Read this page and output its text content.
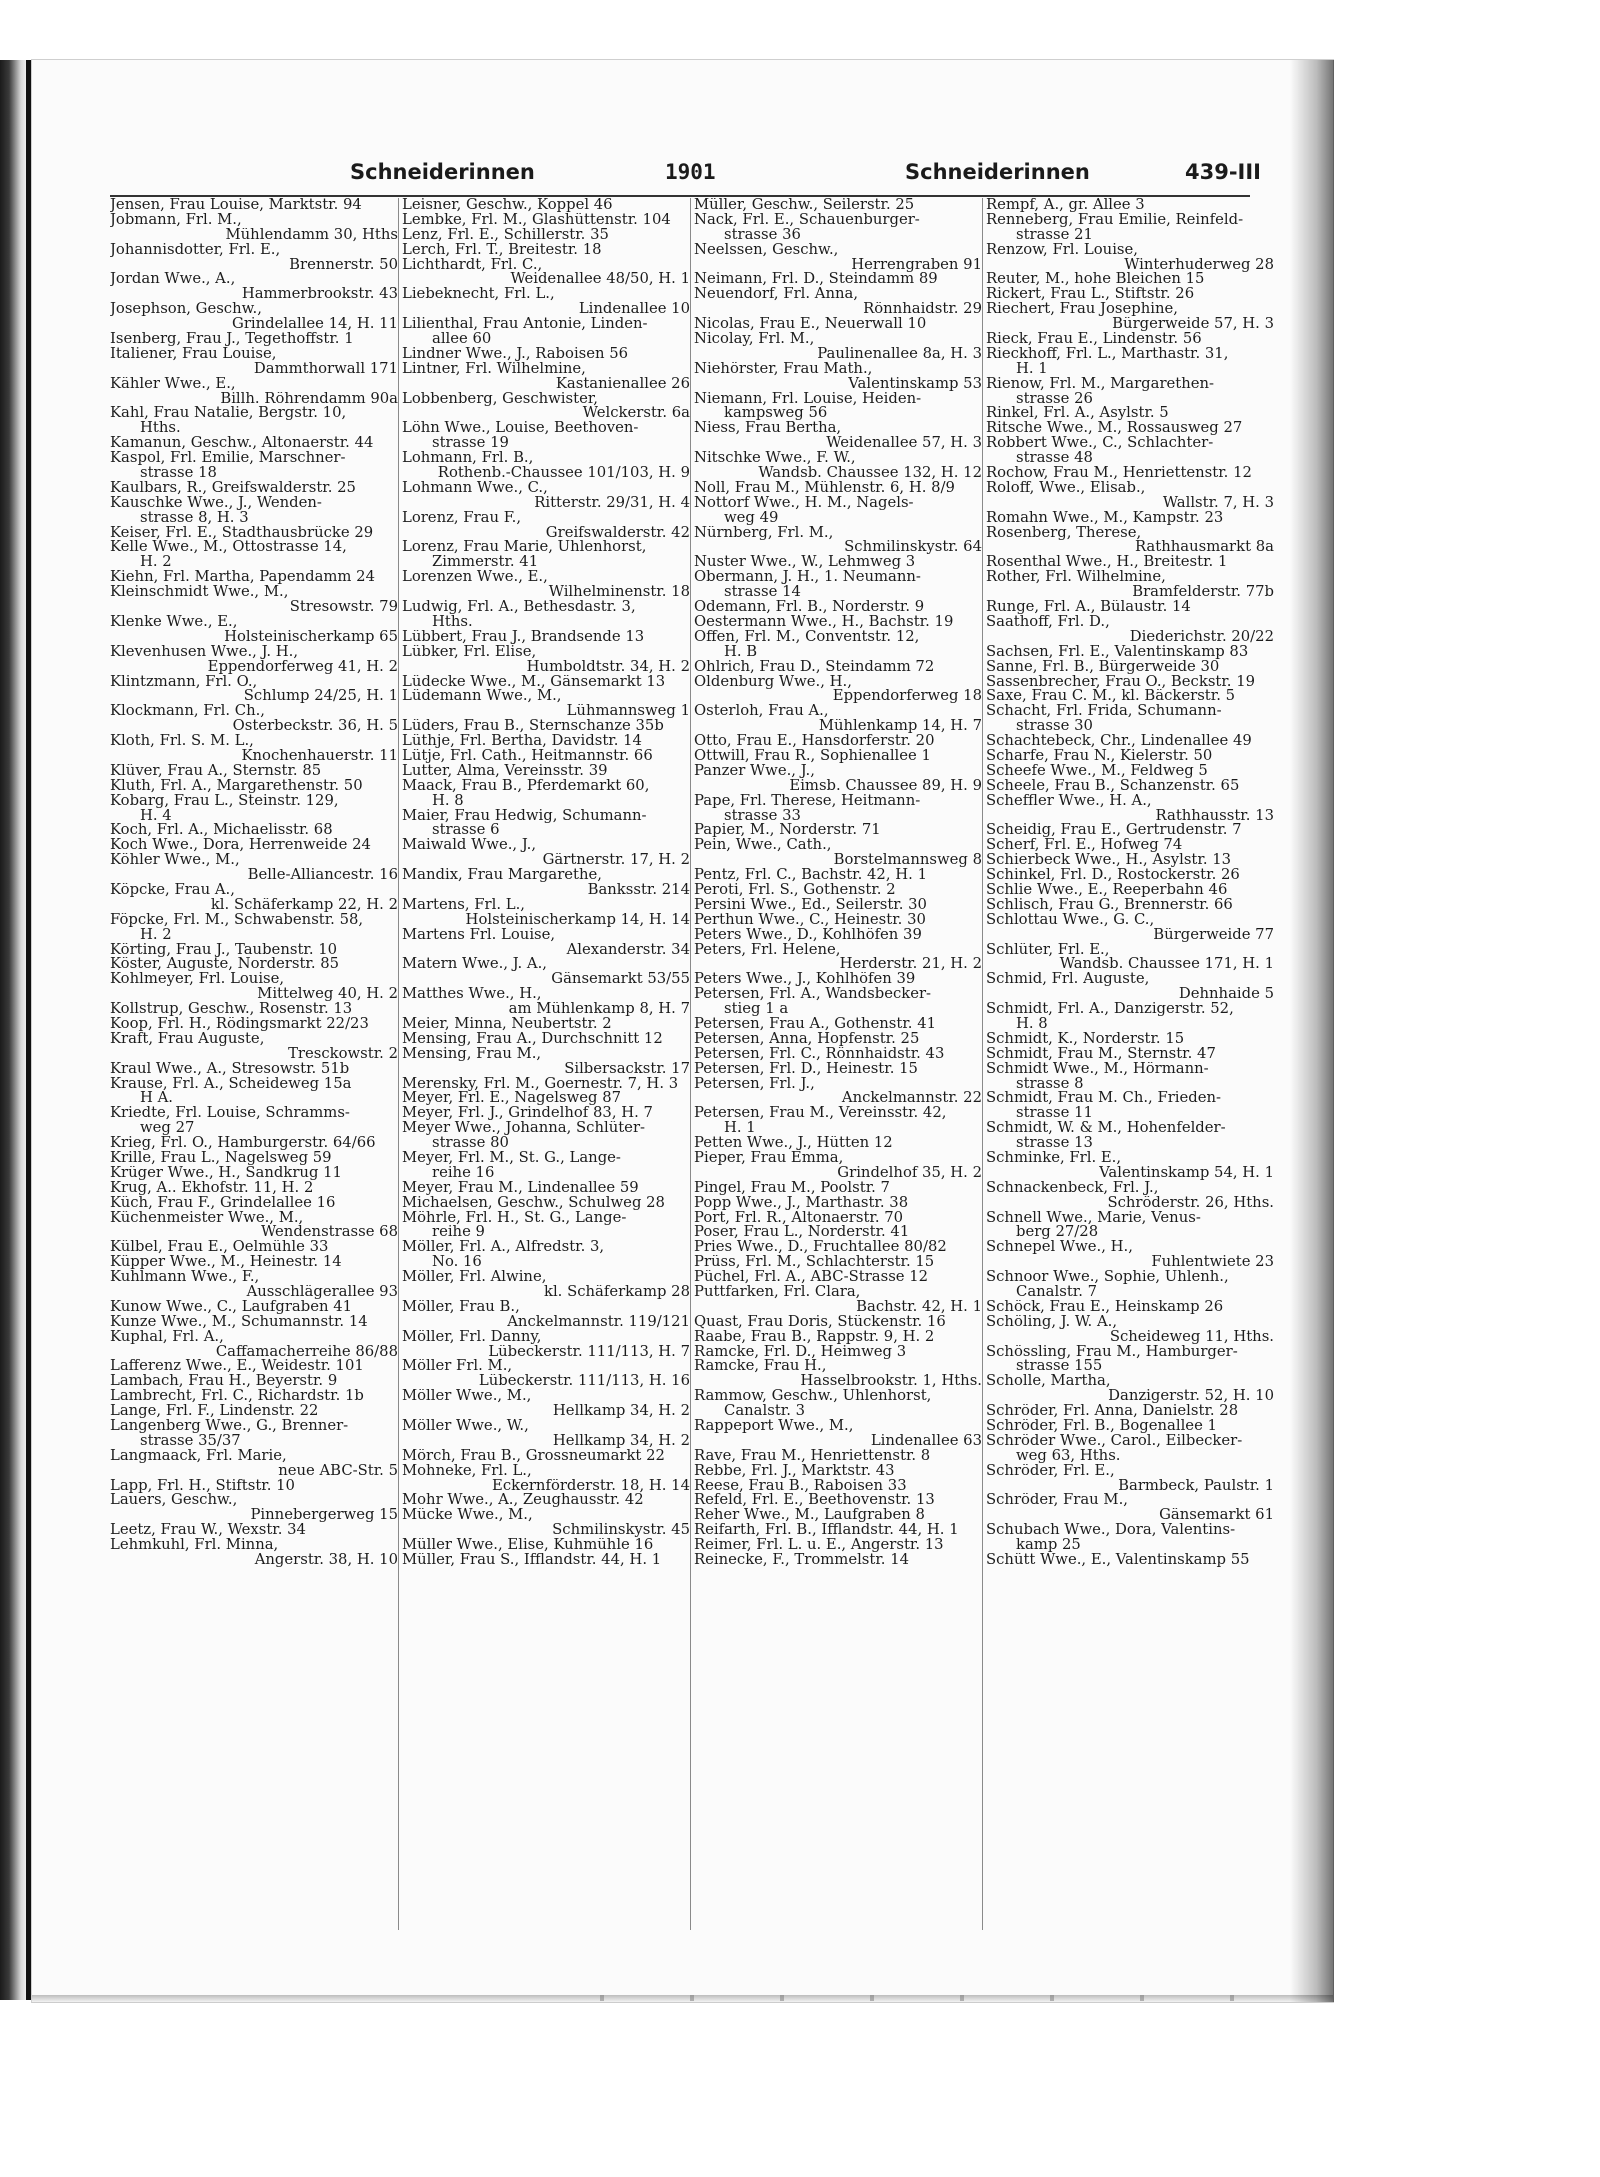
Schneiderinnen	1901	Schneiderinnen	439-III
Jensen, Frau Louise, Marktstr. 94
Jobmann, Frl. M.,
Mühlendamm 30, Hths
Johannisdotter, Frl. E.,
Brennerstr. 50
Jordan Wwe., A.,
Hammerbrookstr. 43
Josephson, Geschw.,
Grindelallee 14, H. 11
Isenberg, Frau J., Tegethoffstr. 1
Italiener, Frau Louise,
Dammthorwall 171
Kähler Wwe., E.,
Billh. Röhrendamm 90a
Kahl, Frau Natalie, Bergstr. 10,
Hths.
Kamanun, Geschw., Altonaerstr. 44
Kaspol, Frl. Emilie, Marschner-
strasse 18
Kaulbars, R., Greifswalderstr. 25
Kauschke Wwe., J., Wenden-
strasse 8, H. 3
Keiser, Frl. E., Stadthausbrücke 29
Kelle Wwe., M., Ottostrasse 14,
H. 2
Kiehn, Frl. Martha, Papendamm 24
Kleinschmidt Wwe., M.,
Stresowstr. 79
Klenke Wwe., E.,
Holsteinischerkamp 65
Klevenhusen Wwe., J. H.,
Eppendorferweg 41, H. 2
Klintzmann, Frl. O.,
Schlump 24/25, H. 1
Klockmann, Frl. Ch.,
Osterbeckstr. 36, H. 5
Kloth, Frl. S. M. L.,
Knochenhauerstr. 11
Klüver, Frau A., Sternstr. 85
Kluth, Frl. A., Margarethenstr. 50
Kobarg, Frau L., Steinstr. 129,
H. 4
Koch, Frl. A., Michaelisstr. 68
Koch Wwe., Dora, Herrenweide 24
Köhler Wwe., M.,
Belle-Alliancestr. 16
Köpcke, Frau A.,
kl. Schäferkamp 22, H. 2
Föpcke, Frl. M., Schwabenstr. 58,
H. 2
Körting, Frau J., Taubenstr. 10
Köster, Auguste, Norderstr. 85
Kohlmeyer, Frl. Louise,
Mittelweg 40, H. 2
Kollstrup, Geschw., Rosenstr. 13
Koop, Frl. H., Rödingsmarkt 22/23
Kraft, Frau Auguste,
Tresckowstr. 2
Kraul Wwe., A., Stresowstr. 51b
Krause, Frl. A., Scheideweg 15a
H A.
Kriedte, Frl. Louise, Schramms-
weg 27
Krieg, Frl. O., Hamburgerstr. 64/66
Krille, Frau L., Nagelsweg 59
Krüger Wwe., H., Sandkrug 11
Krug, A.. Ekhofstr. 11, H. 2
Küch, Frau F., Grindelallee 16
Küchenmeister Wwe., M.,
Wendenstrasse 68
Külbel, Frau E., Oelmühle 33
Küpper Wwe., M., Heinestr. 14
Kuhlmann Wwe., F.,
Ausschlägerallee 93
Kunow Wwe., C., Laufgraben 41
Kunze Wwe., M., Schumannstr. 14
Kuphal, Frl. A.,
Caffamacherreihe 86/88
Lafferenz Wwe., E., Weidestr. 101
Lambach, Frau H., Beyerstr. 9
Lambrecht, Frl. C., Richardstr. 1b
Lange, Frl. F., Lindenstr. 22
Langenberg Wwe., G., Brenner-
strasse 35/37
Langmaack, Frl. Marie,
neue ABC-Str. 5
Lapp, Frl. H., Stiftstr. 10
Lauers, Geschw.,
Pinnebergerweg 15
Leetz, Frau W., Wexstr. 34
Lehmkuhl, Frl. Minna,
Angerstr. 38, H. 10
Leisner, Geschw., Koppel 46
Lembke, Frl. M., Glashüttenstr. 104
Lenz, Frl. E., Schillerstr. 35
Lerch, Frl. T., Breitestr. 18
Lichthardt, Frl. C.,
Weidenallee 48/50, H. 1
Liebeknecht, Frl. L.,
Lindenallee 10
Lilienthal, Frau Antonie, Linden-
allee 60
Lindner Wwe., J., Raboisen 56
Lintner, Frl. Wilhelmine,
Kastanienallee 26
Lobbenberg, Geschwister,
Welckerstr. 6a
Löhn Wwe., Louise, Beethoven-
strasse 19
Lohmann, Frl. B.,
Rothenb.-Chaussee 101/103, H. 9
Lohmann Wwe., C.,
Ritterstr. 29/31, H. 4
Lorenz, Frau F.,
Greifswalderstr. 42
Lorenz, Frau Marie, Uhlenhorst,
Zimmerstr. 41
Lorenzen Wwe., E.,
Wilhelminenstr. 18
Ludwig, Frl. A., Bethesdastr. 3,
Hths.
Lübbert, Frau J., Brandsende 13
Lübker, Frl. Elise,
Humboldtstr. 34, H. 2
Lüdecke Wwe., M., Gänsemarkt 13
Lüdemann Wwe., M.,
Lühmannsweg 1
Lüders, Frau B., Sternschanze 35b
Lüthje, Frl. Bertha, Davidstr. 14
Lütje, Frl. Cath., Heitmannstr. 66
Lutter, Alma, Vereinsstr. 39
Maack, Frau B., Pferdemarkt 60,
H. 8
Maier, Frau Hedwig, Schumann-
strasse 6
Maiwald Wwe., J.,
Gärtnerstr. 17, H. 2
Mandix, Frau Margarethe,
Banksstr. 214
Martens, Frl. L.,
Holsteinischerkamp 14, H. 14
Martens Frl. Louise,
Alexanderstr. 34
Matern Wwe., J. A.,
Gänsemarkt 53/55
Matthes Wwe., H.,
am Mühlenkamp 8, H. 7
Meier, Minna, Neubertstr. 2
Mensing, Frau A., Durchschnitt 12
Mensing, Frau M.,
Silbersackstr. 17
Merensky, Frl. M., Goernestr. 7, H. 3
Meyer, Frl. E., Nagelsweg 87
Meyer, Frl. J., Grindelhof 83, H. 7
Meyer Wwe., Johanna, Schlüter-
strasse 80
Meyer, Frl. M., St. G., Lange-
reihe 16
Meyer, Frau M., Lindenallee 59
Michaelsen, Geschw., Schulweg 28
Möhrle, Frl. H., St. G., Lange-
reihe 9
Möller, Frl. A., Alfredstr. 3,
No. 16
Möller, Frl. Alwine,
kl. Schäferkamp 28
Möller, Frau B.,
Anckelmannstr. 119/121
Möller, Frl. Danny,
Lübeckerstr. 111/113, H. 7
Möller Frl. M.,
Lübeckerstr. 111/113, H. 16
Möller Wwe., M.,
Hellkamp 34, H. 2
Möller Wwe., W.,
Hellkamp 34, H. 2
Mörch, Frau B., Grossneumarkt 22
Mohneke, Frl. L.,
Eckernförderstr. 18, H. 14
Mohr Wwe., A., Zeughausstr. 42
Mücke Wwe., M.,
Schmilinskystr. 45
Müller Wwe., Elise, Kuhmühle 16
Müller, Frau S., Ifflandstr. 44, H. 1
Müller, Geschw., Seilerstr. 25
Nack, Frl. E., Schauenburger-
strasse 36
Neelssen, Geschw.,
Herrengraben 91
Neimann, Frl. D., Steindamm 89
Neuendorf, Frl. Anna,
Rönnhaidstr. 29
Nicolas, Frau E., Neuerwall 10
Nicolay, Frl. M.,
Paulinenallee 8a, H. 3
Niehörster, Frau Math.,
Valentinskamp 53
Niemann, Frl. Louise, Heiden-
kampsweg 56
Niess, Frau Bertha,
Weidenallee 57, H. 3
Nitschke Wwe., F. W.,
Wandsb. Chaussee 132, H. 12
Noll, Frau M., Mühlenstr. 6, H. 8/9
Nottorf Wwe., H. M., Nagels-
weg 49
Nürnberg, Frl. M.,
Schmilinskystr. 64
Nuster Wwe., W., Lehmweg 3
Obermann, J. H., 1. Neumann-
strasse 14
Odemann, Frl. B., Norderstr. 9
Oestermann Wwe., H., Bachstr. 19
Offen, Frl. M., Conventstr. 12,
H. B
Ohlrich, Frau D., Steindamm 72
Oldenburg Wwe., H.,
Eppendorferweg 18
Osterloh, Frau A.,
Mühlenkamp 14, H. 7
Otto, Frau E., Hansdorferstr. 20
Ottwill, Frau R., Sophienallee 1
Panzer Wwe., J.,
Eimsb. Chaussee 89, H. 9
Pape, Frl. Therese, Heitmann-
strasse 33
Papier, M., Norderstr. 71
Pein, Wwe., Cath.,
Borstelmannsweg 8
Pentz, Frl. C., Bachstr. 42, H. 1
Peroti, Frl. S., Gothenstr. 2
Persini Wwe., Ed., Seilerstr. 30
Perthun Wwe., C., Heinestr. 30
Peters Wwe., D., Kohlhöfen 39
Peters, Frl. Helene,
Herderstr. 21, H. 2
Peters Wwe., J., Kohlhöfen 39
Petersen, Frl. A., Wandsbecker-
stieg 1 a
Petersen, Frau A., Gothenstr. 41
Petersen, Anna, Hopfenstr. 25
Petersen, Frl. C., Rönnhaidstr. 43
Petersen, Frl. D., Heinestr. 15
Petersen, Frl. J.,
Anckelmannstr. 22
Petersen, Frau M., Vereinsstr. 42,
H. 1
Petten Wwe., J., Hütten 12
Pieper, Frau Emma,
Grindelhof 35, H. 2
Pingel, Frau M., Poolstr. 7
Popp Wwe., J., Marthastr. 38
Port, Frl. R., Altonaerstr. 70
Poser, Frau L., Norderstr. 41
Pries Wwe., D., Fruchtallee 80/82
Prüss, Frl. M., Schlachterstr. 15
Püchel, Frl. A., ABC-Strasse 12
Puttfarken, Frl. Clara,
Bachstr. 42, H. 1
Quast, Frau Doris, Stückenstr. 16
Raabe, Frau B., Rappstr. 9, H. 2
Ramcke, Frl. D., Heimweg 3
Ramcke, Frau H.,
Hasselbrookstr. 1, Hths.
Rammow, Geschw., Uhlenhorst,
Canalstr. 3
Rappeport Wwe., M.,
Lindenallee 63
Rave, Frau M., Henriettenstr. 8
Rebbe, Frl. J., Marktstr. 43
Reese, Frau B., Raboisen 33
Refeld, Frl. E., Beethovenstr. 13
Reher Wwe., M., Laufgraben 8
Reifarth, Frl. B., Ifflandstr. 44, H. 1
Reimer, Frl. L. u. E., Angerstr. 13
Reinecke, F., Trommelstr. 14
Rempf, A., gr. Allee 3
Renneberg, Frau Emilie, Reinfeld-
strasse 21
Renzow, Frl. Louise,
Winterhuderweg 28
Reuter, M., hohe Bleichen 15
Rickert, Frau L., Stiftstr. 26
Riechert, Frau Josephine,
Bürgerweide 57, H. 3
Rieck, Frau E., Lindenstr. 56
Rieckhoff, Frl. L., Marthastr. 31,
H. 1
Rienow, Frl. M., Margarethen-
strasse 26
Rinkel, Frl. A., Asylstr. 5
Ritsche Wwe., M., Rossausweg 27
Robbert Wwe., C., Schlachter-
strasse 48
Rochow, Frau M., Henriettenstr. 12
Roloff, Wwe., Elisab.,
Wallstr. 7, H. 3
Romahn Wwe., M., Kampstr. 23
Rosenberg, Therese,
Rathhausmarkt 8a
Rosenthal Wwe., H., Breitestr. 1
Rother, Frl. Wilhelmine,
Bramfelderstr. 77b
Runge, Frl. A., Bülaustr. 14
Saathoff, Frl. D.,
Diederichstr. 20/22
Sachsen, Frl. E., Valentinskamp 83
Sanne, Frl. B., Bürgerweide 30
Sassenbrecher, Frau O., Beckstr. 19
Saxe, Frau C. M., kl. Bäckerstr. 5
Schacht, Frl. Frida, Schumann-
strasse 30
Schachtebeck, Chr., Lindenallee 49
Scharfe, Frau N., Kielerstr. 50
Scheefe Wwe., M., Feldweg 5
Scheele, Frau B., Schanzenstr. 65
Scheffler Wwe., H. A.,
Rathhausstr. 13
Scheidig, Frau E., Gertrudenstr. 7
Scherf, Frl. E., Hofweg 74
Schierbeck Wwe., H., Asylstr. 13
Schinkel, Frl. D., Rostockerstr. 26
Schlie Wwe., E., Reeperbahn 46
Schlisch, Frau G., Brennerstr. 66
Schlottau Wwe., G. C.,
Bürgerweide 77
Schlüter, Frl. E.,
Wandsb. Chaussee 171, H. 1
Schmid, Frl. Auguste,
Dehnhaide 5
Schmidt, Frl. A., Danzigerstr. 52,
H. 8
Schmidt, K., Norderstr. 15
Schmidt, Frau M., Sternstr. 47
Schmidt Wwe., M., Hörmann-
strasse 8
Schmidt, Frau M. Ch., Frieden-
strasse 11
Schmidt, W. & M., Hohenfelder-
strasse 13
Schminke, Frl. E.,
Valentinskamp 54, H. 1
Schnackenbeck, Frl. J.,
Schröderstr. 26, Hths.
Schnell Wwe., Marie, Venus-
berg 27/28
Schnepel Wwe., H.,
Fuhlentwiete 23
Schnoor Wwe., Sophie, Uhlenh.,
Canalstr. 7
Schöck, Frau E., Heinskamp 26
Schöling, J. W. A.,
Scheideweg 11, Hths.
Schössling, Frau M., Hamburger-
strasse 155
Scholle, Martha,
Danzigerstr. 52, H. 10
Schröder, Frl. Anna, Danielstr. 28
Schröder, Frl. B., Bogenallee 1
Schröder Wwe., Carol., Eilbecker-
weg 63, Hths.
Schröder, Frl. E.,
Barmbeck, Paulstr. 1
Schröder, Frau M.,
Gänsemarkt 61
Schubach Wwe., Dora, Valentins-
kamp 25
Schütt Wwe., E., Valentinskamp 55
